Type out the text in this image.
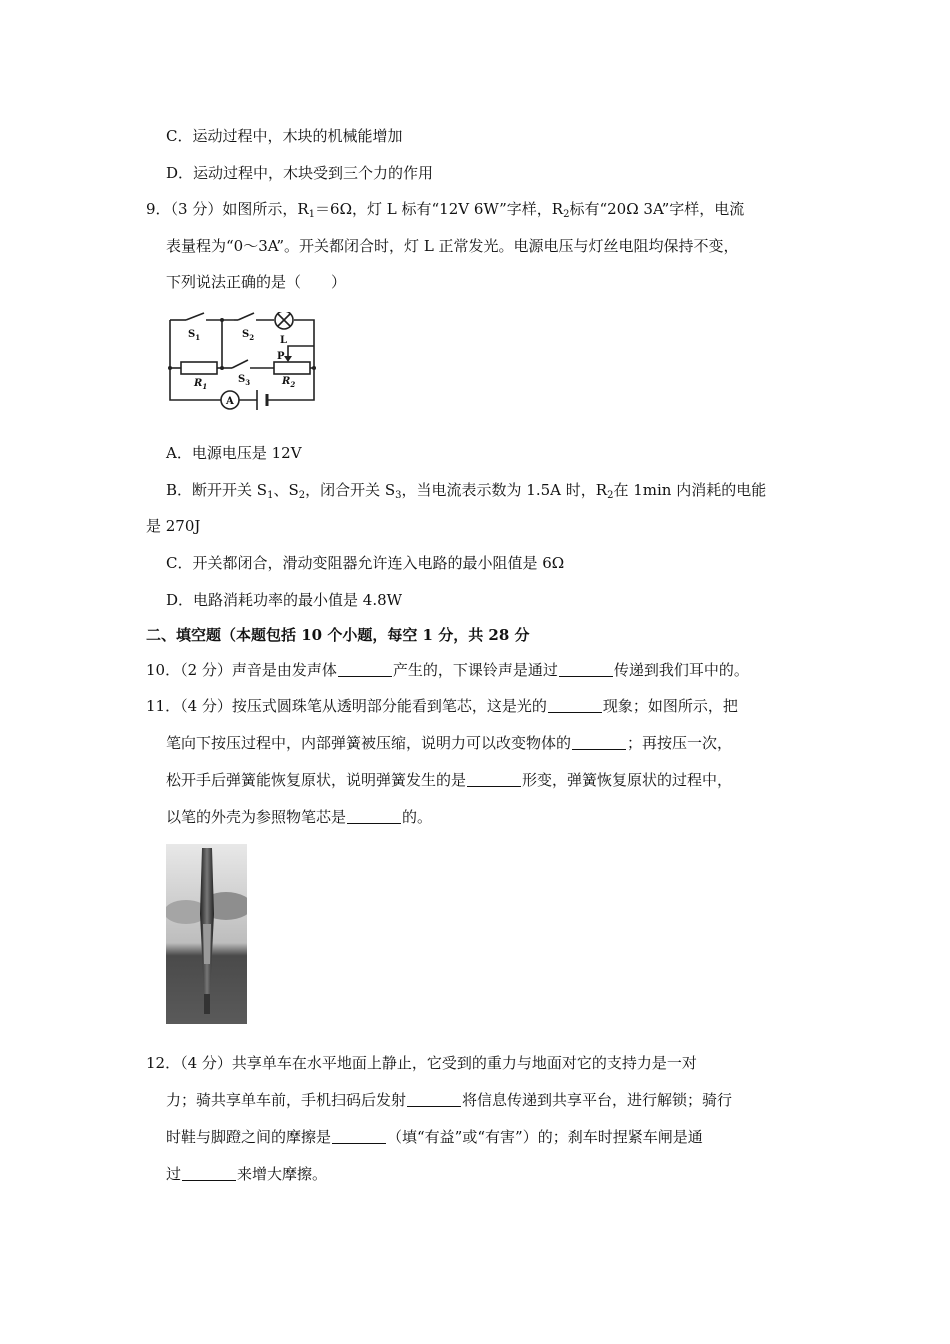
C．运动过程中，木块的机械能增加
D．运动过程中，木块受到三个力的作用
9．（3 分）如图所示，$R_1=6\Omega$，灯 L 标有“12V 6W”字样，$R_2$标有“20Ω 3A”字样，电流
表量程为“0～3A”。开关都闭合时，灯 L 正常发光。电源电压与灯丝电阻均保持不变，
下列说法正确的是（　　）
$S_1$	$S_2$	L
P
$S_3$
$R_1$	$R_2$
A
A．电源电压是 12V
B．断开开关 $S_1$、$S_2$，闭合开关 $S_3$，当电流表示数为 1.5A 时，$R_2$在 1min 内消耗的电能
是 270J
C．开关都闭合，滑动变阻器允许连入电路的最小阻值是 6Ω
D．电路消耗功率的最小值是 4.8W
二、填空题（本题包括 10 个小题，每空 1 分，共 28 分
10．（2 分）声音是由发声体	产生的，下课铃声是通过	传递到我们耳中的。
11．（4 分）按压式圆珠笔从透明部分能看到笔芯，这是光的	现象；如图所示，把
笔向下按压过程中，内部弹簧被压缩，说明力可以改变物体的	；再按压一次，
松开手后弹簧能恢复原状，说明弹簧发生的是	形变，弹簧恢复原状的过程中，
以笔的外壳为参照物笔芯是	的。
12．（4 分）共享单车在水平地面上静止，它受到的重力与地面对它的支持力是一对
力；骑共享单车前，手机扫码后发射	将信息传递到共享平台，进行解锁；骑行
时鞋与脚蹬之间的摩擦是	（填“有益”或“有害”）的；刹车时捏紧车闸是通
过	来增大摩擦。
